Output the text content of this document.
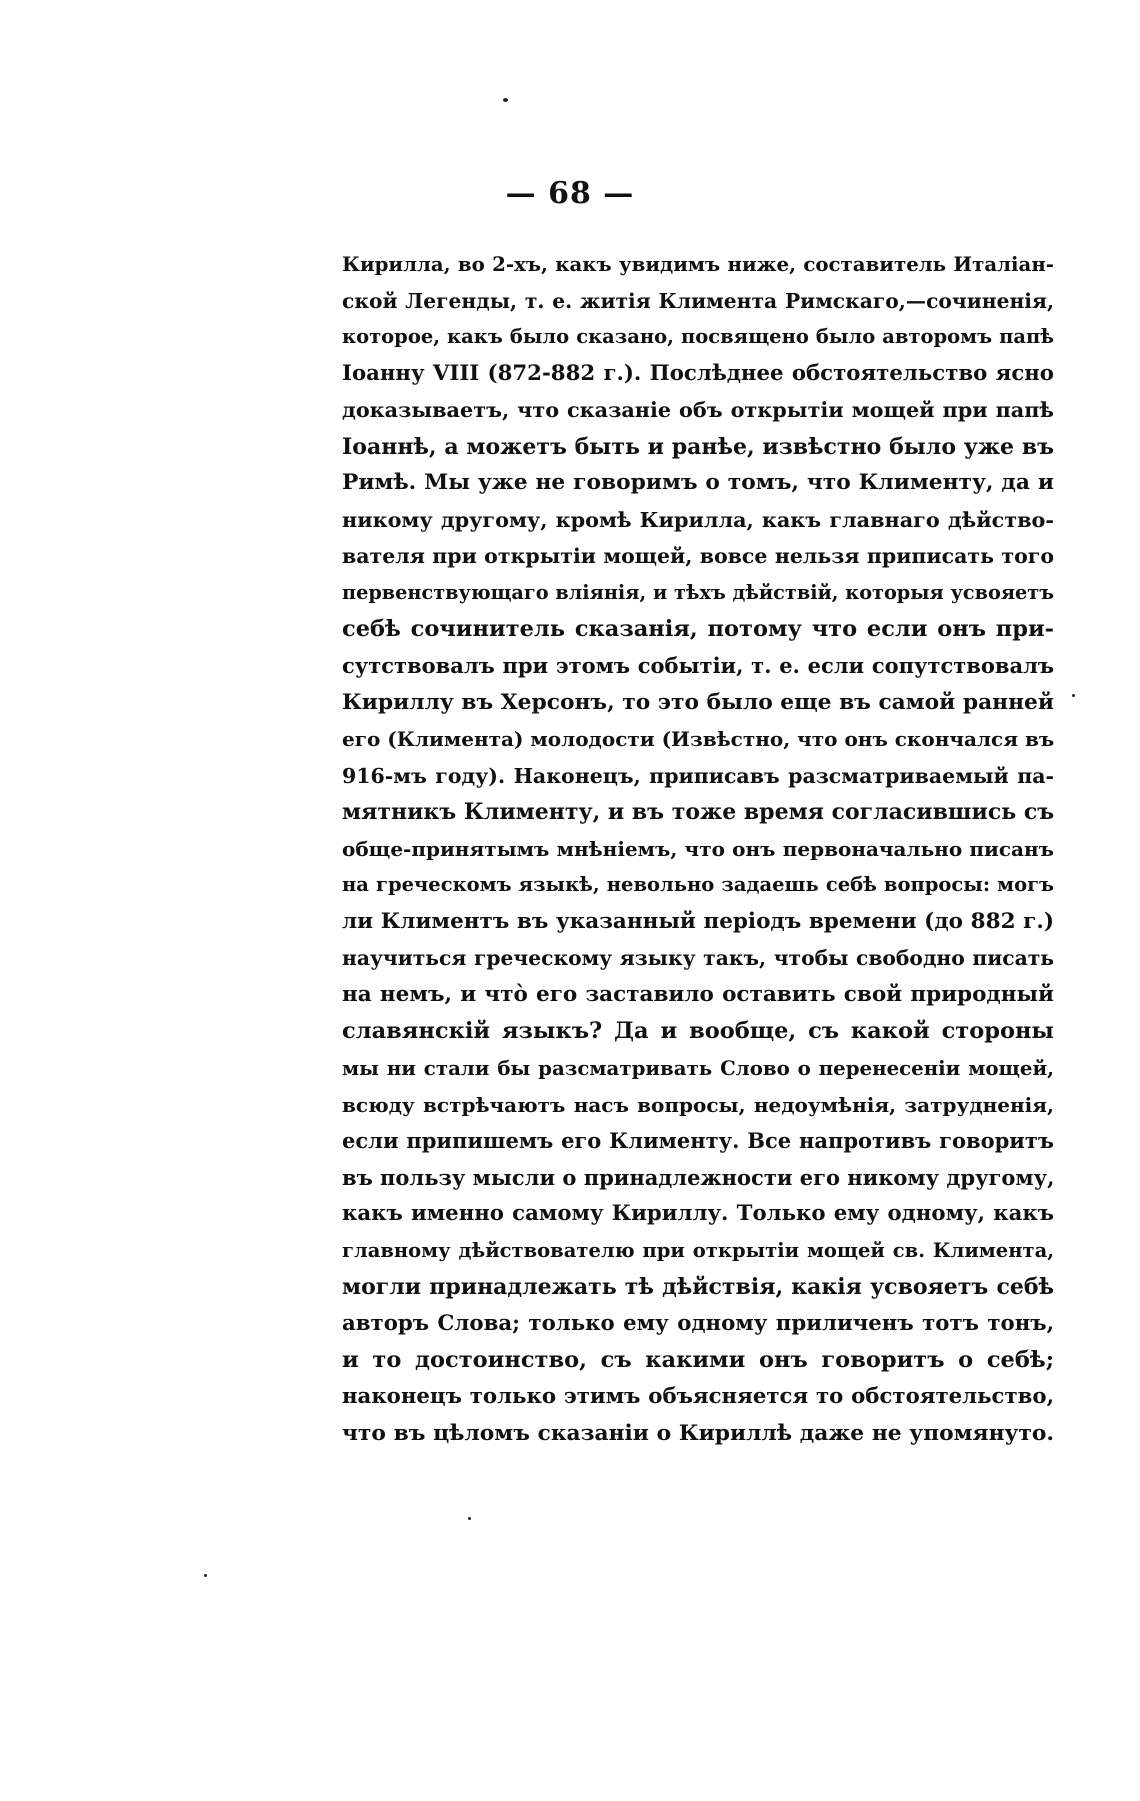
— 68 —
Кирилла, во 2-хъ, какъ увидимъ ниже, составитель Италіан-
ской Легенды, т. е. житія Климента Римскаго,—сочиненія,
которое, какъ было сказано, посвящено было авторомъ папѣ
Іоанну VIII (872-882 г.). Послѣднее обстоятельство ясно
доказываетъ, что сказаніе объ открытіи мощей при папѣ
Іоаннѣ, а можетъ быть и ранѣе, извѣстно было уже въ
Римѣ. Мы уже не говоримъ о томъ, что Клименту, да и
никому другому, кромѣ Кирилла, какъ главнаго дѣйство-
вателя при открытіи мощей, вовсе нельзя приписать того
первенствующаго вліянія, и тѣхъ дѣйствій, которыя усвояетъ
себѣ сочинитель сказанія, потому что если онъ при-
сутствовалъ при этомъ событіи, т. е. если сопутствовалъ
Кириллу въ Херсонъ, то это было еще въ самой ранней
его (Климента) молодости (Извѣстно, что онъ скончался въ
916-мъ году). Наконецъ, приписавъ разсматриваемый па-
мятникъ Клименту, и въ тоже время согласившись съ
обще-принятымъ мнѣніемъ, что онъ первоначально писанъ
на греческомъ языкѣ, невольно задаешь себѣ вопросы: могъ
ли Климентъ въ указанный періодъ времени (до 882 г.)
научиться греческому языку такъ, чтобы свободно писать
на немъ, и что̀ его заставило оставить свой природный
славянскій языкъ? Да и вообще, съ какой стороны
мы ни стали бы разсматривать Слово о перенесеніи мощей,
всюду встрѣчаютъ насъ вопросы, недоумѣнія, затрудненія,
если припишемъ его Клименту. Все напротивъ говоритъ
въ пользу мысли о принадлежности его никому другому,
какъ именно самому Кириллу. Только ему одному, какъ
главному дѣйствователю при открытіи мощей св. Климента,
могли принадлежать тѣ дѣйствія, какія усвояетъ себѣ
авторъ Слова; только ему одному приличенъ тотъ тонъ,
и то достоинство, съ какими онъ говоритъ о себѣ;
наконецъ только этимъ объясняется то обстоятельство,
что въ цѣломъ сказаніи о Кириллѣ даже не упомянуто.
